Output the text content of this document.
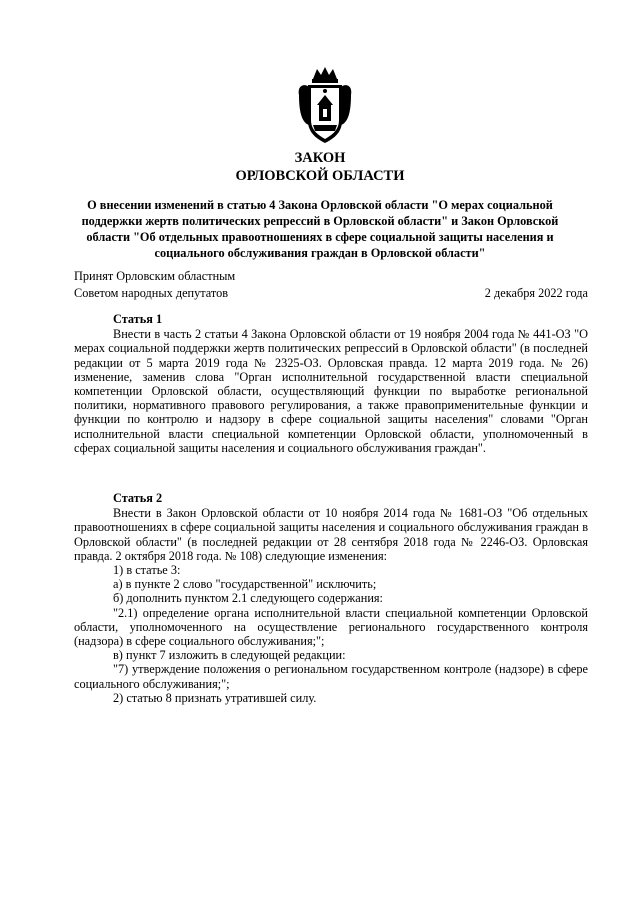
ЗАКОН
ОРЛОВСКОЙ ОБЛАСТИ
О внесении изменений в статью 4 Закона Орловской области "О мерах социальной поддержки жертв политических репрессий в Орловской области" и Закон Орловской области "Об отдельных правоотношениях в сфере социальной защиты населения и социального обслуживания граждан в Орловской области"
Принят Орловским областным
Советом народных депутатов	2 декабря 2022 года

Статья 1

Внести в часть 2 статьи 4 Закона Орловской области от 19 ноября 2004 года № 441-ОЗ "О мерах социальной поддержки жертв политических репрессий в Орловской области" (в последней редакции от 5 марта 2019 года № 2325-ОЗ. Орловская правда. 12 марта 2019 года. № 26) изменение, заменив слова "Орган исполнительной государственной власти специальной компетенции Орловской области, осуществляющий функции по выработке региональной политики, нормативного правового регулирования, а также правоприменительные функции и функции по контролю и надзору в сфере социальной защиты населения" словами "Орган исполнительной власти специальной компетенции Орловской области, уполномоченный в сферах социальной защиты населения и социального обслуживания граждан".

Статья 2

Внести в Закон Орловской области от 10 ноября 2014 года № 1681-ОЗ "Об отдельных правоотношениях в сфере социальной защиты населения и социального обслуживания граждан в Орловской области" (в последней редакции от 28 сентября 2018 года № 2246-ОЗ. Орловская правда. 2 октября 2018 года. № 108) следующие изменения:

1) в статье 3:

а) в пункте 2 слово "государственной" исключить;

б) дополнить пунктом 2.1 следующего содержания:

"2.1) определение органа исполнительной власти специальной компетенции Орловской области, уполномоченного на осуществление регионального государственного контроля (надзора) в сфере социального обслуживания;";

в) пункт 7 изложить в следующей редакции:

"7) утверждение положения о региональном государственном контроле (надзоре) в сфере социального обслуживания;";

2) статью 8 признать утратившей силу.
